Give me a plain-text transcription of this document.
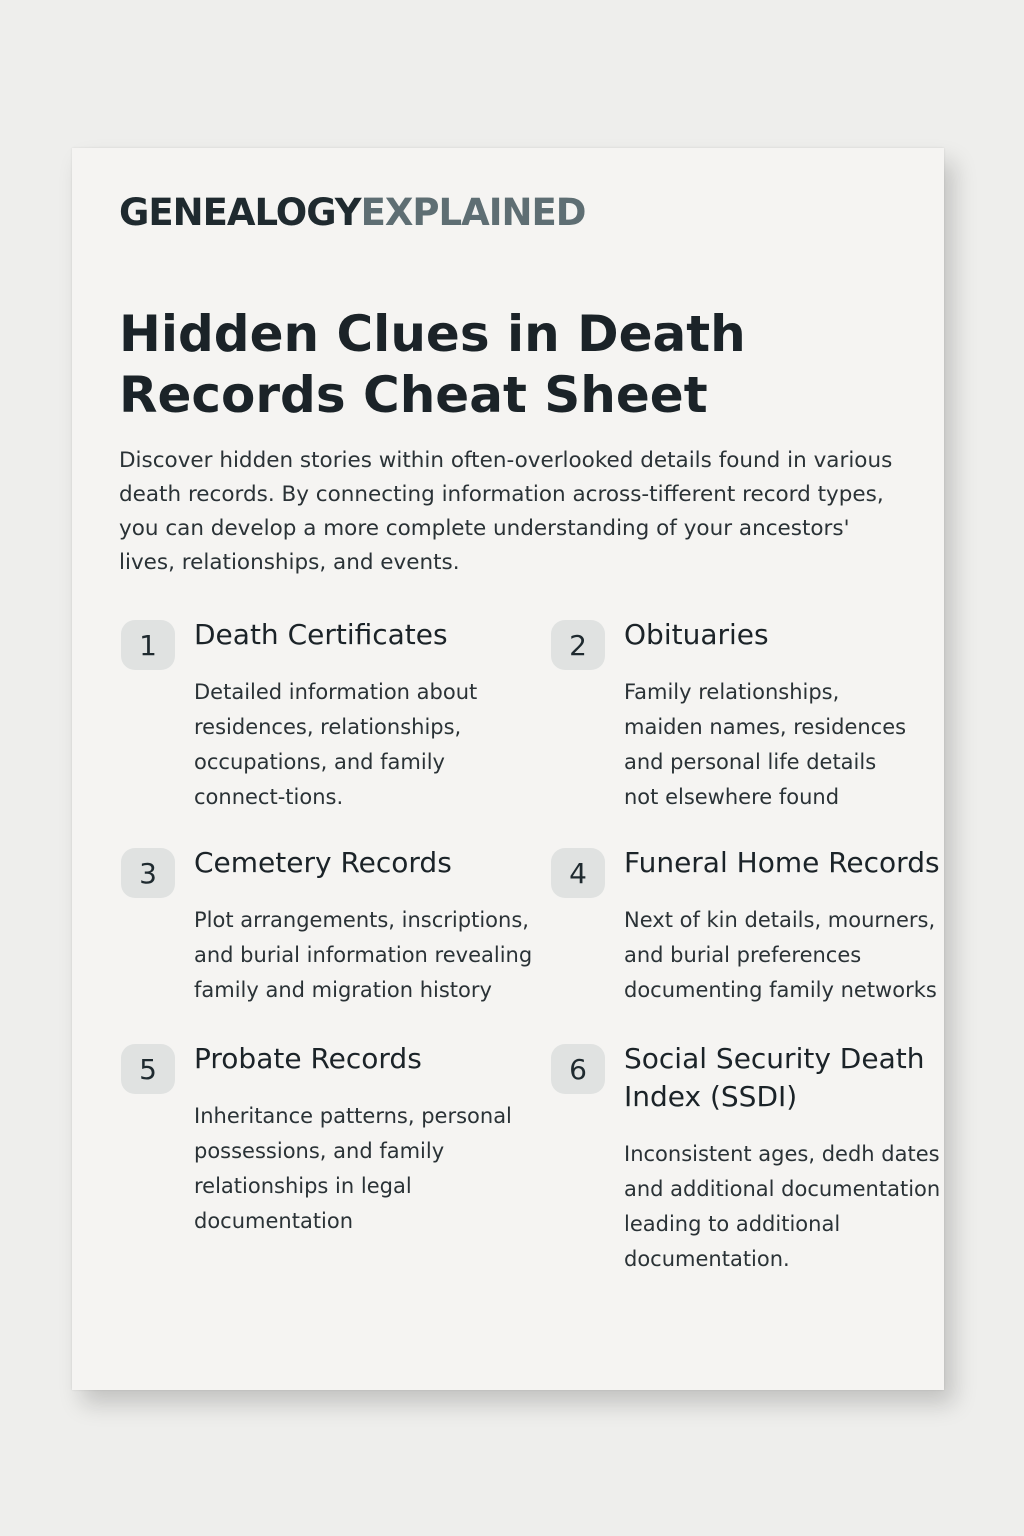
GENEALOGYEXPLAINED
Hidden Clues in Death Records Cheat Sheet

Discover hidden stories within often-overlooked details found in various death records. By connecting information across-tifferent record types, you can develop a more complete understanding of your ancestors' lives, relationships, and events.

1	Death Certificates

Detailed information about residences, relationships, occupations, and family connect-tions.

2	Obituaries

Family relationships, maiden names, residences and personal life details not elsewhere found

3	Cemetery Records

Plot arrangements, inscriptions, and burial information revealing family and migration history

4	Funeral Home Records

Next of kin details, mourners, and burial preferences documenting family networks

5	Probate Records

Inheritance patterns, personal possessions, and family relationships in legal documentation

6	Social Security Death Index (SSDI)

Inconsistent ages, dedh dates and additional documentation leading to additional documentation.
